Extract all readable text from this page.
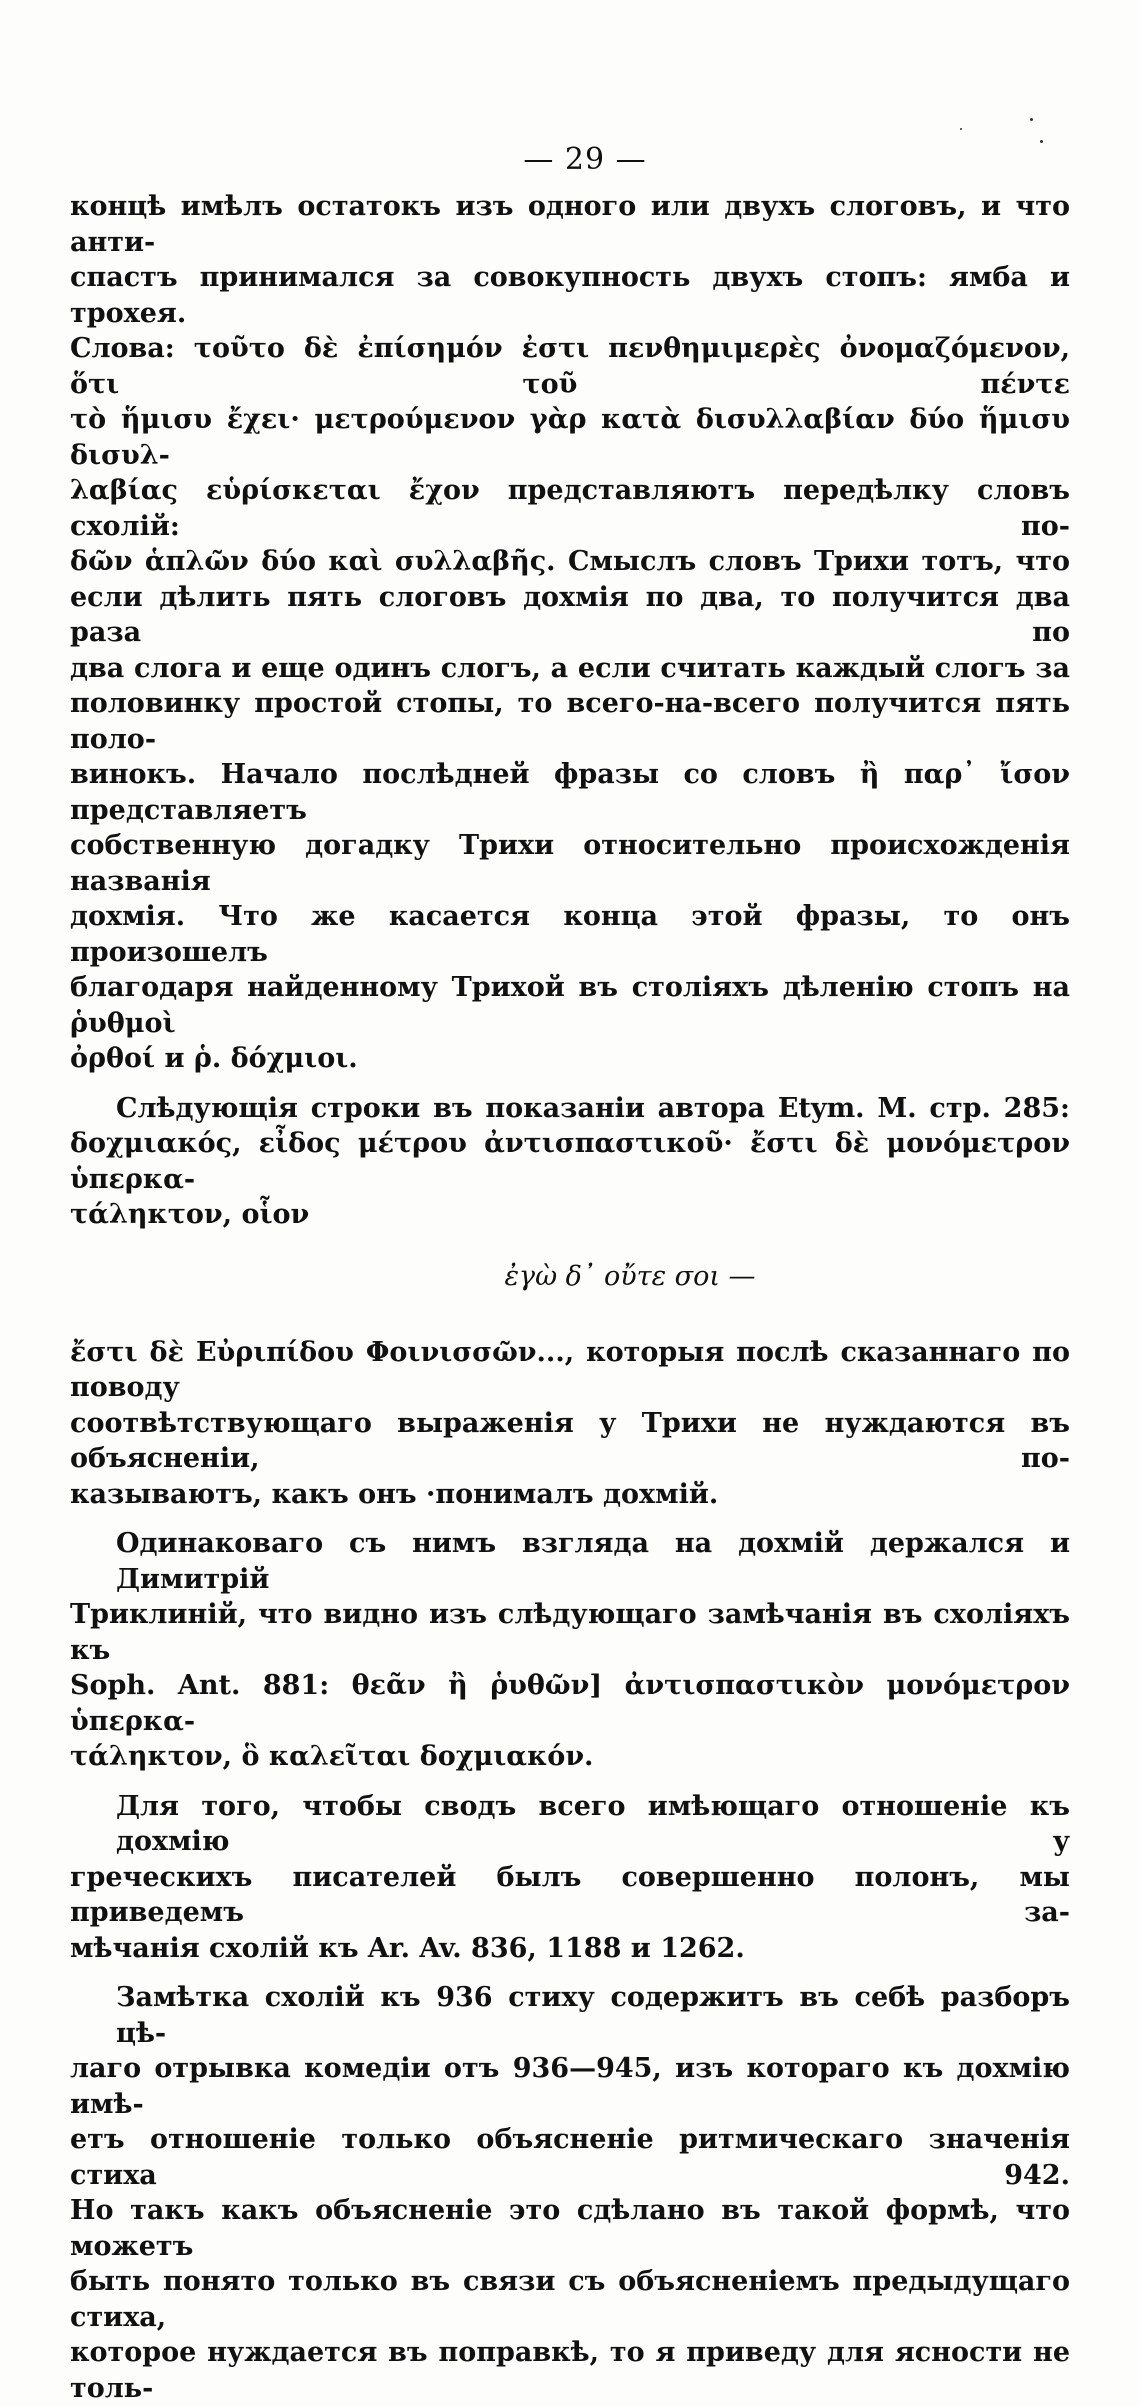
— 29 —
концѣ имѣлъ остатокъ изъ одного или двухъ слоговъ, и что анти-
спастъ принимался за совокупность двухъ стопъ: ямба и трохея.
Слова: τοῦτο δὲ ἐπίσημόν ἐστι πενθημιμερὲς ὀνομαζόμενον, ὅτι τοῦ πέντε
τὸ ἥμισυ ἔχει· μετρούμενον γὰρ κατὰ δισυλλαβίαν δύο ἥμισυ δισυλ-
λαβίας εὑρίσκεται ἔχον представляютъ передѣлку словъ схолій: πο-
δῶν ἁπλῶν δύο καὶ συλλαβῆς. Смыслъ словъ Трихи тотъ, что
если дѣлить пять слоговъ дохмія по два, то получится два раза по
два слога и еще одинъ слогъ, а если считать каждый слогъ за
половинку простой стопы, то всего-на-всего получится пять поло-
винокъ. Начало послѣдней фразы со словъ ἢ παρ᾽ ἴσον представляетъ
собственную догадку Трихи относительно происхожденія названія
дохмія. Что же касается конца этой фразы, то онъ произошелъ
благодаря найденному Трихой въ століяхъ дѣленію стопъ на ῥυθμοὶ
ὀρθοί и ῥ. δόχμιοι.
Слѣдующія строки въ показаніи автора Etym. M. стр. 285:
δοχμιακός, εἶδος μέτρου ἀντισπαστικοῦ· ἔστι δὲ μονόμετρον ὑπερκα-
τάληκτον, οἷον
ἐγὼ δ᾽ οὔτε σοι —
ἔστι δὲ Εὐριπίδου Φοινισσῶν..., которыя послѣ сказаннаго по поводу
соотвѣтствующаго выраженія у Трихи не нуждаются въ объясненіи, по-
казываютъ, какъ онъ ·понималъ дохмій.
Одинаковаго съ нимъ взгляда на дохмій держался и Димитрій
Триклиній, что видно изъ слѣдующаго замѣчанія въ схоліяхъ къ
Soph. Ant. 881: θεᾶν ἢ ῥυθῶν] ἀντισπαστικὸν μονόμετρον ὑπερκα-
τάληκτον, ὃ καλεῖται δοχμιακόν.
Для того, чтобы сводъ всего имѣющаго отношеніе къ дохмію у
греческихъ писателей былъ совершенно полонъ, мы приведемъ за-
мѣчанія схолій къ Ar. Av. 836, 1188 и 1262.
Замѣтка схолій къ 936 стиху содержитъ въ себѣ разборъ цѣ-
лаго отрывка комедіи отъ 936—945, изъ котораго къ дохмію имѣ-
етъ отношеніе только объясненіе ритмическаго значенія стиха 942.
Но такъ какъ объясненіе это сдѣлано въ такой формѣ, что можетъ
быть понято только въ связи съ объясненіемъ предыдущаго стиха,
которое нуждается въ поправкѣ, то я приведу для ясности не толь-
